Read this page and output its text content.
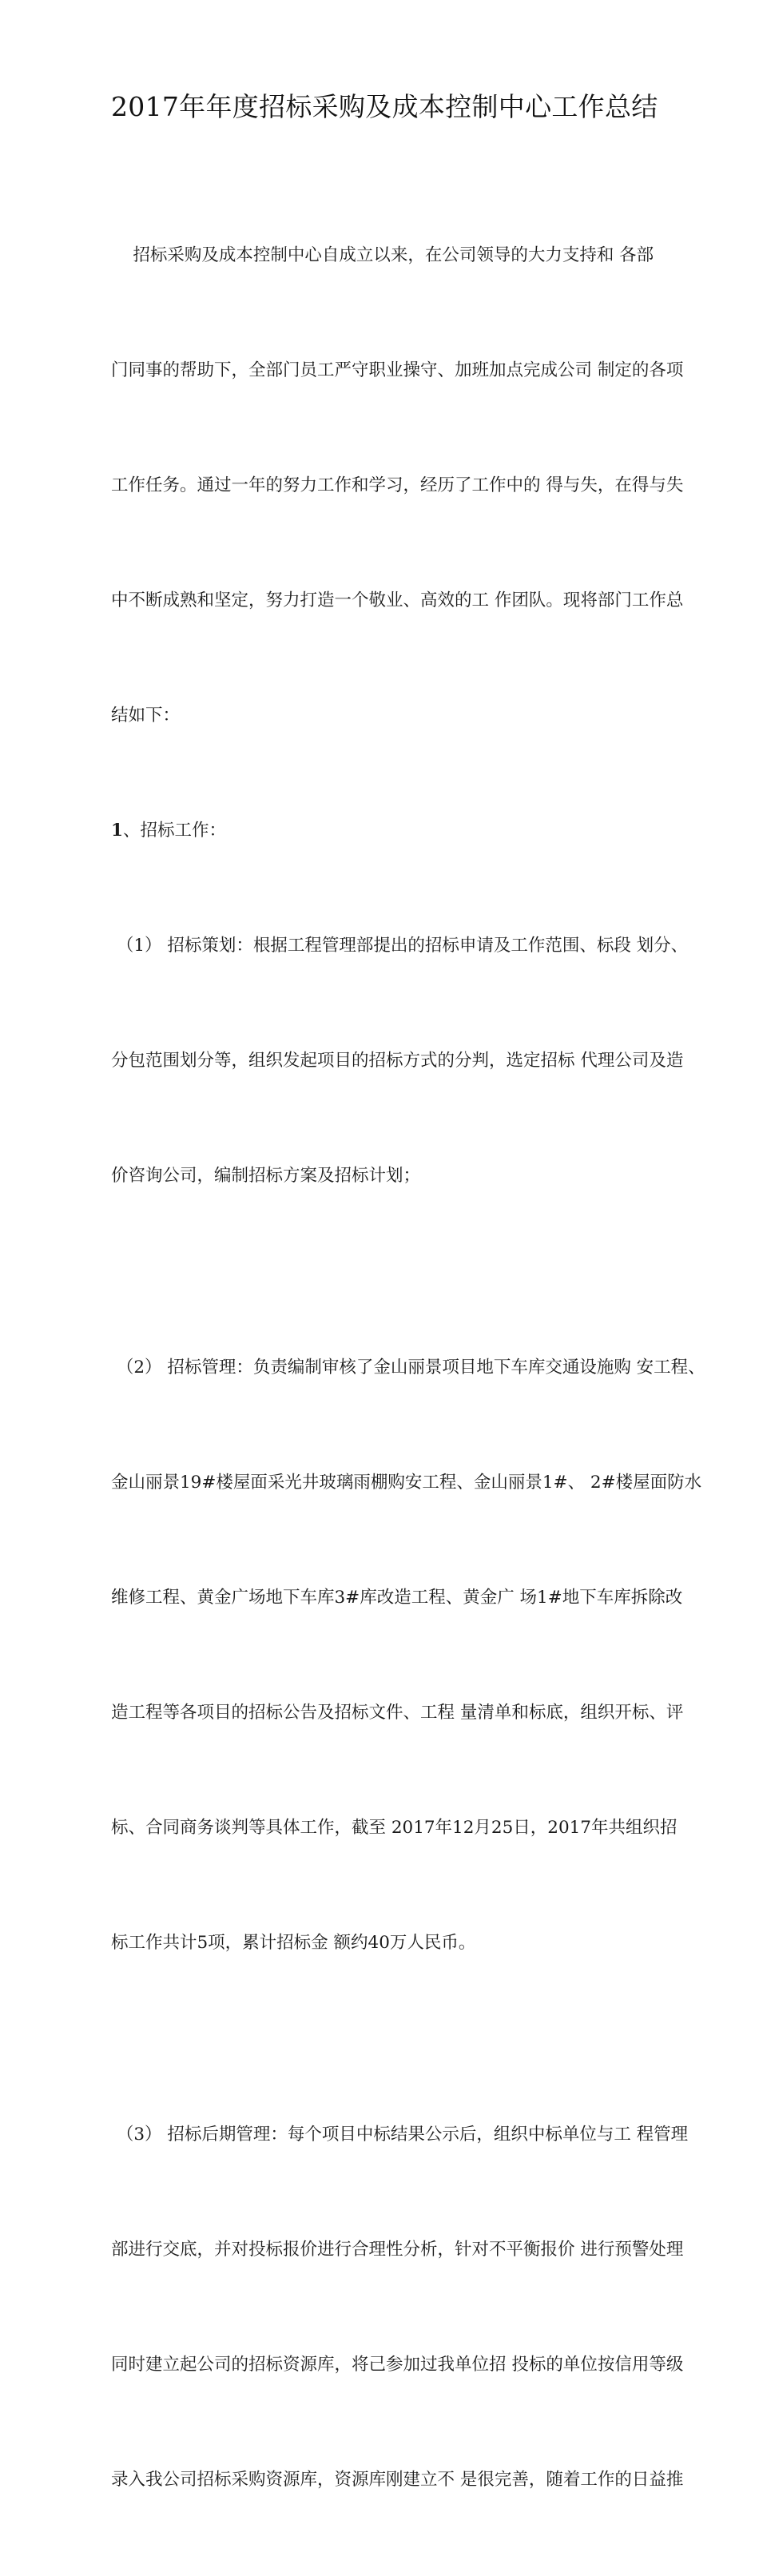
2017年年度招标采购及成本控制中心工作总结

招标采购及成本控制中心自成立以来，在公司领导的大力支持和 各部

门同事的帮助下，全部门员工严守职业操守、加班加点完成公司 制定的各项

工作任务。通过一年的努力工作和学习，经历了工作中的 得与失，在得与失

中不断成熟和坚定，努力打造一个敬业、高效的工 作团队。现将部门工作总

结如下：

1、招标工作：

（1） 招标策划：根据工程管理部提出的招标申请及工作范围、标段 划分、

分包范围划分等，组织发起项目的招标方式的分判，选定招标 代理公司及造

价咨询公司，编制招标方案及招标计划；

（2） 招标管理：负责编制审核了金山丽景项目地下车库交通设施购 安工程、

金山丽景19#楼屋面采光井玻璃雨棚购安工程、金山丽景1#、 2#楼屋面防水

维修工程、黄金广场地下车库3#库改造工程、黄金广 场1#地下车库拆除改

造工程等各项目的招标公告及招标文件、工程 量清单和标底，组织开标、评

标、合同商务谈判等具体工作，截至 2017年12月25日，2017年共组织招

标工作共计5项，累计招标金 额约40万人民币。

（3） 招标后期管理：每个项目中标结果公示后，组织中标单位与工 程管理

部进行交底，并对投标报价进行合理性分析，针对不平衡报价 进行预警处理

同时建立起公司的招标资源库，将己参加过我单位招 投标的单位按信用等级

录入我公司招标采购资源库，资源库刚建立不 是很完善，随着工作的日益推
